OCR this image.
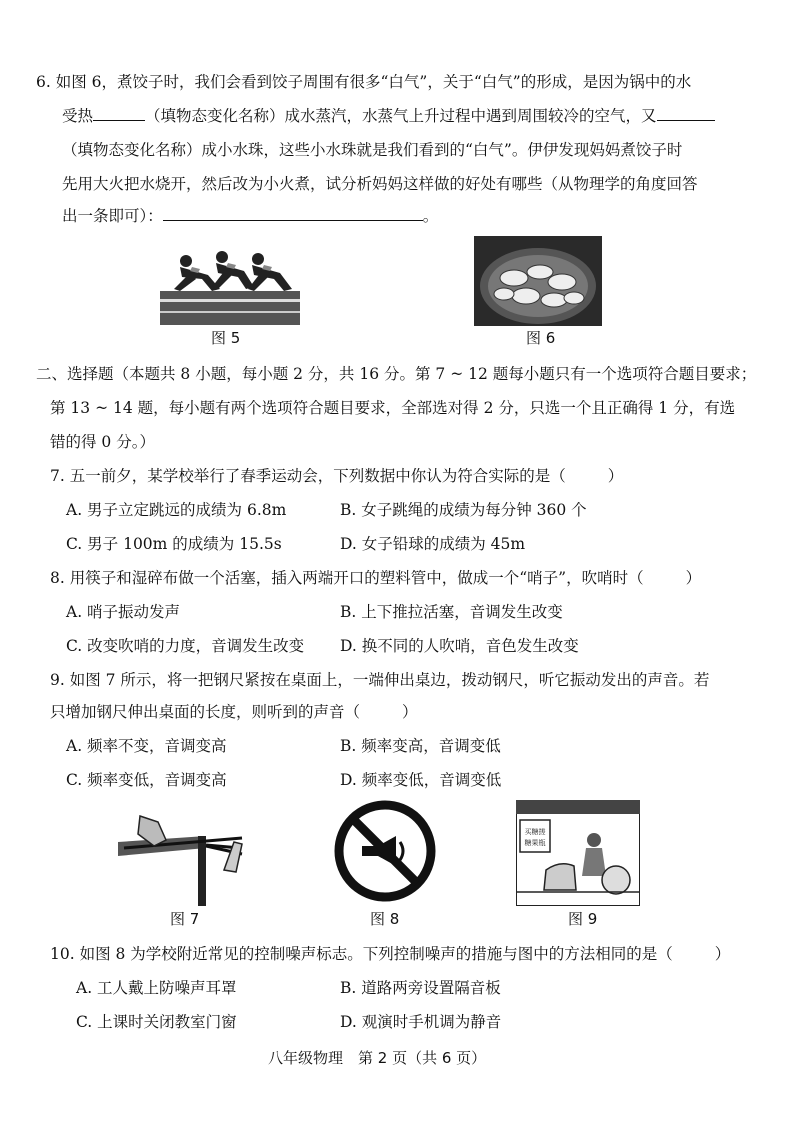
6. 如图 6，煮饺子时，我们会看到饺子周围有很多“白气”，关于“白气”的形成，是因为锅中的水
受热	（填物态变化名称）成水蒸汽，水蒸气上升过程中遇到周围较冷的空气，又
（填物态变化名称）成小水珠，这些小水珠就是我们看到的“白气”。伊伊发现妈妈煮饺子时
先用大火把水烧开，然后改为小火煮，试分析妈妈这样做的好处有哪些（从物理学的角度回答
出一条即可）：	。
图 5	图 6
二、选择题（本题共 8 小题，每小题 2 分，共 16 分。第 7 ~ 12 题每小题只有一个选项符合题目要求；
第 13 ~ 14 题，每小题有两个选项符合题目要求，全部选对得 2 分，只选一个且正确得 1 分，有选
错的得 0 分。）
7. 五一前夕，某学校举行了春季运动会，下列数据中你认为符合实际的是（	）
A. 男子立定跳远的成绩为 6.8m	B. 女子跳绳的成绩为每分钟 360 个
C. 男子 100m 的成绩为 15.5s	D. 女子铅球的成绩为 45m
8. 用筷子和湿碎布做一个活塞，插入两端开口的塑料管中，做成一个“哨子”，吹哨时（	）
A. 哨子振动发声	B. 上下推拉活塞，音调发生改变
C. 改变吹哨的力度，音调发生改变 D. 换不同的人吹哨，音色发生改变
9. 如图 7 所示，将一把钢尺紧按在桌面上，一端伸出桌边，拨动钢尺，听它振动发出的声音。若
只增加钢尺伸出桌面的长度，则听到的声音（	）
A. 频率不变，音调变高	B. 频率变高，音调变低
C. 频率变低，音调变高	D. 频率变低，音调变低
图 7	图 8
买糖搓
糖果瓶
图 9
10. 如图 8 为学校附近常见的控制噪声标志。下列控制噪声的措施与图中的方法相同的是（	）
A. 工人戴上防噪声耳罩	B. 道路两旁设置隔音板
C. 上课时关闭教室门窗	D. 观演时手机调为静音
八年级物理　第 2 页（共 6 页）
